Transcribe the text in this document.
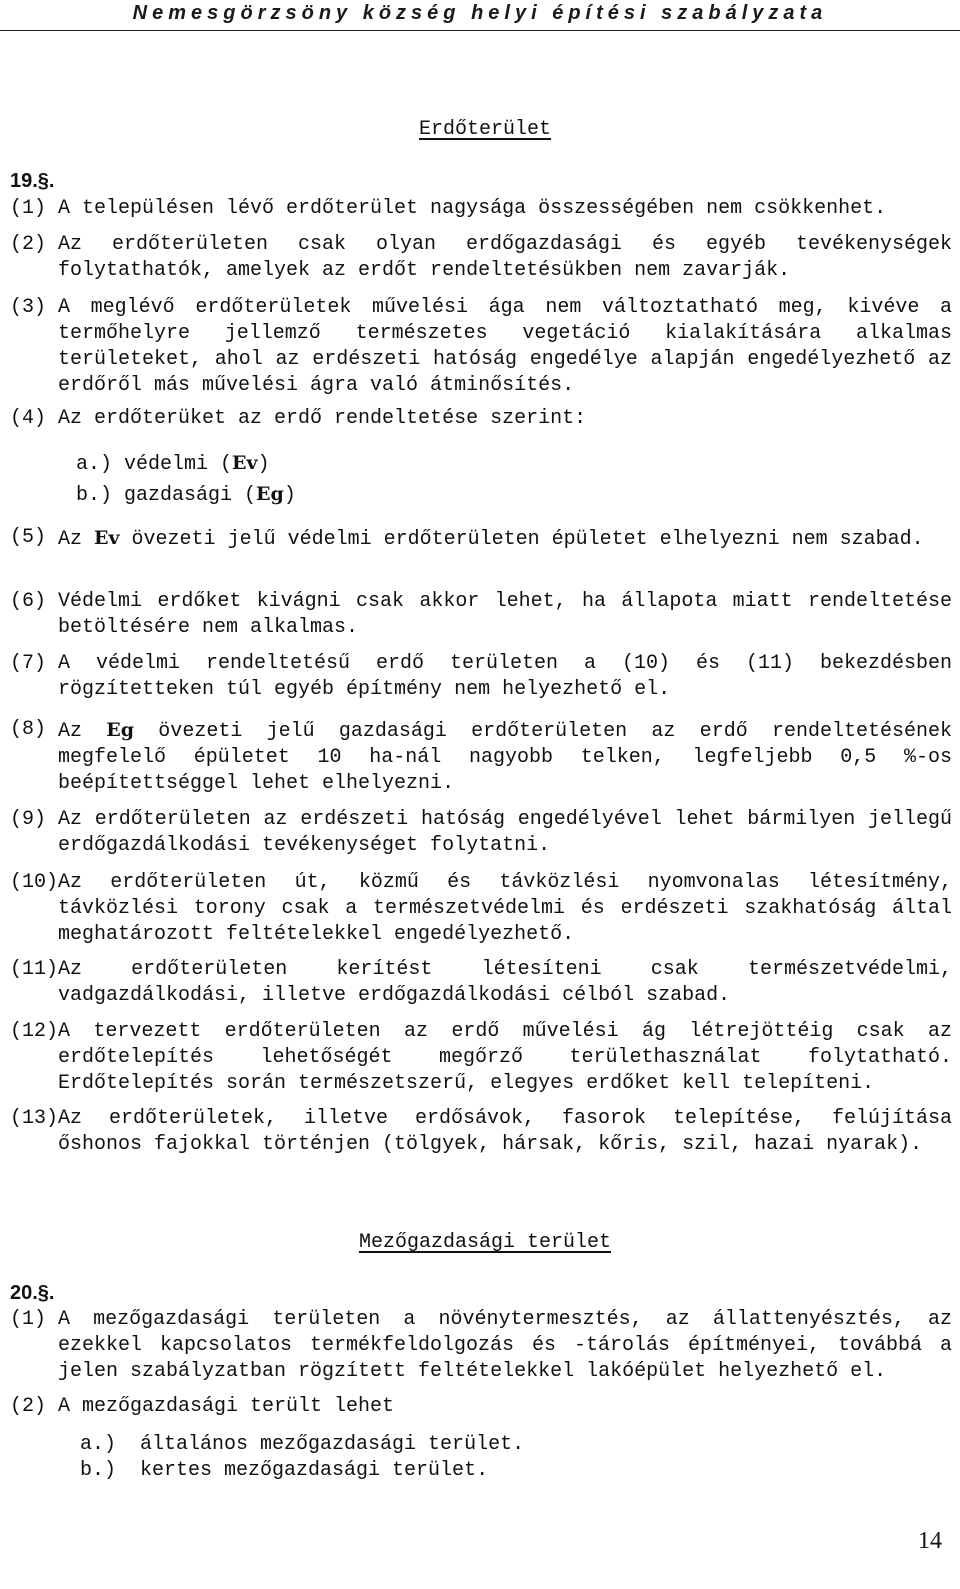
Nemesgörzsöny község helyi építési szabályzata
Erdőterület
19.§.
(1) A településen lévő erdőterület nagysága összességében nem csökkenhet.
(2) Az erdőterületen csak olyan erdőgazdasági és egyéb tevékenységek folytathatók, amelyek az erdőt rendeltetésükben nem zavarják.
(3) A meglévő erdőterületek művelési ága nem változtatható meg, kivéve a termőhelyre jellemző természetes vegetáció kialakítására alkalmas területeket, ahol az erdészeti hatóság engedélye alapján engedélyezhető az erdőről más művelési ágra való átminősítés.
(4) Az erdőterüket az erdő rendeltetése szerint:
a.) védelmi (Ev)
b.) gazdasági (Eg)
(5) Az Ev övezeti jelű védelmi erdőterületen épületet elhelyezni nem szabad.
(6) Védelmi erdőket kivágni csak akkor lehet, ha állapota miatt rendeltetése betöltésére nem alkalmas.
(7) A védelmi rendeltetésű erdő területen a (10) és (11) bekezdésben rögzítetteken túl egyéb építmény nem helyezhető el.
(8) Az Eg övezeti jelű gazdasági erdőterületen az erdő rendeltetésének megfelelő épületet 10 ha-nál nagyobb telken, legfeljebb 0,5 %-os beépítettséggel lehet elhelyezni.
(9) Az erdőterületen az erdészeti hatóság engedélyével lehet bármilyen jellegű erdőgazdálkodási tevékenységet folytatni.
(10) Az erdőterületen út, közmű és távközlési nyomvonalas létesítmény, távközlési torony csak a természetvédelmi és erdészeti szakhatóság által meghatározott feltételekkel engedélyezhető.
(11) Az erdőterületen kerítést létesíteni csak természetvédelmi, vadgazdálkodási, illetve erdőgazdálkodási célból szabad.
(12) A tervezett erdőterületen az erdő művelési ág létrejöttéig csak az erdőtelepítés lehetőségét megőrző területhasználat folytatható. Erdőtelepítés során természetszerű, elegyes erdőket kell telepíteni.
(13) Az erdőterületek, illetve erdősávok, fasorok telepítése, felújítása őshonos fajokkal történjen (tölgyek, hársak, kőris, szil, hazai nyarak).
Mezőgazdasági terület
20.§.
(1) A mezőgazdasági területen a növénytermesztés, az állattenyésztés, az ezekkel kapcsolatos termékfeldolgozás és -tárolás építményei, továbbá a jelen szabályzatban rögzített feltételekkel lakóépület helyezhető el.
(2) A mezőgazdasági terült lehet
a.)  általános mezőgazdasági terület.
b.)  kertes mezőgazdasági terület.
14
